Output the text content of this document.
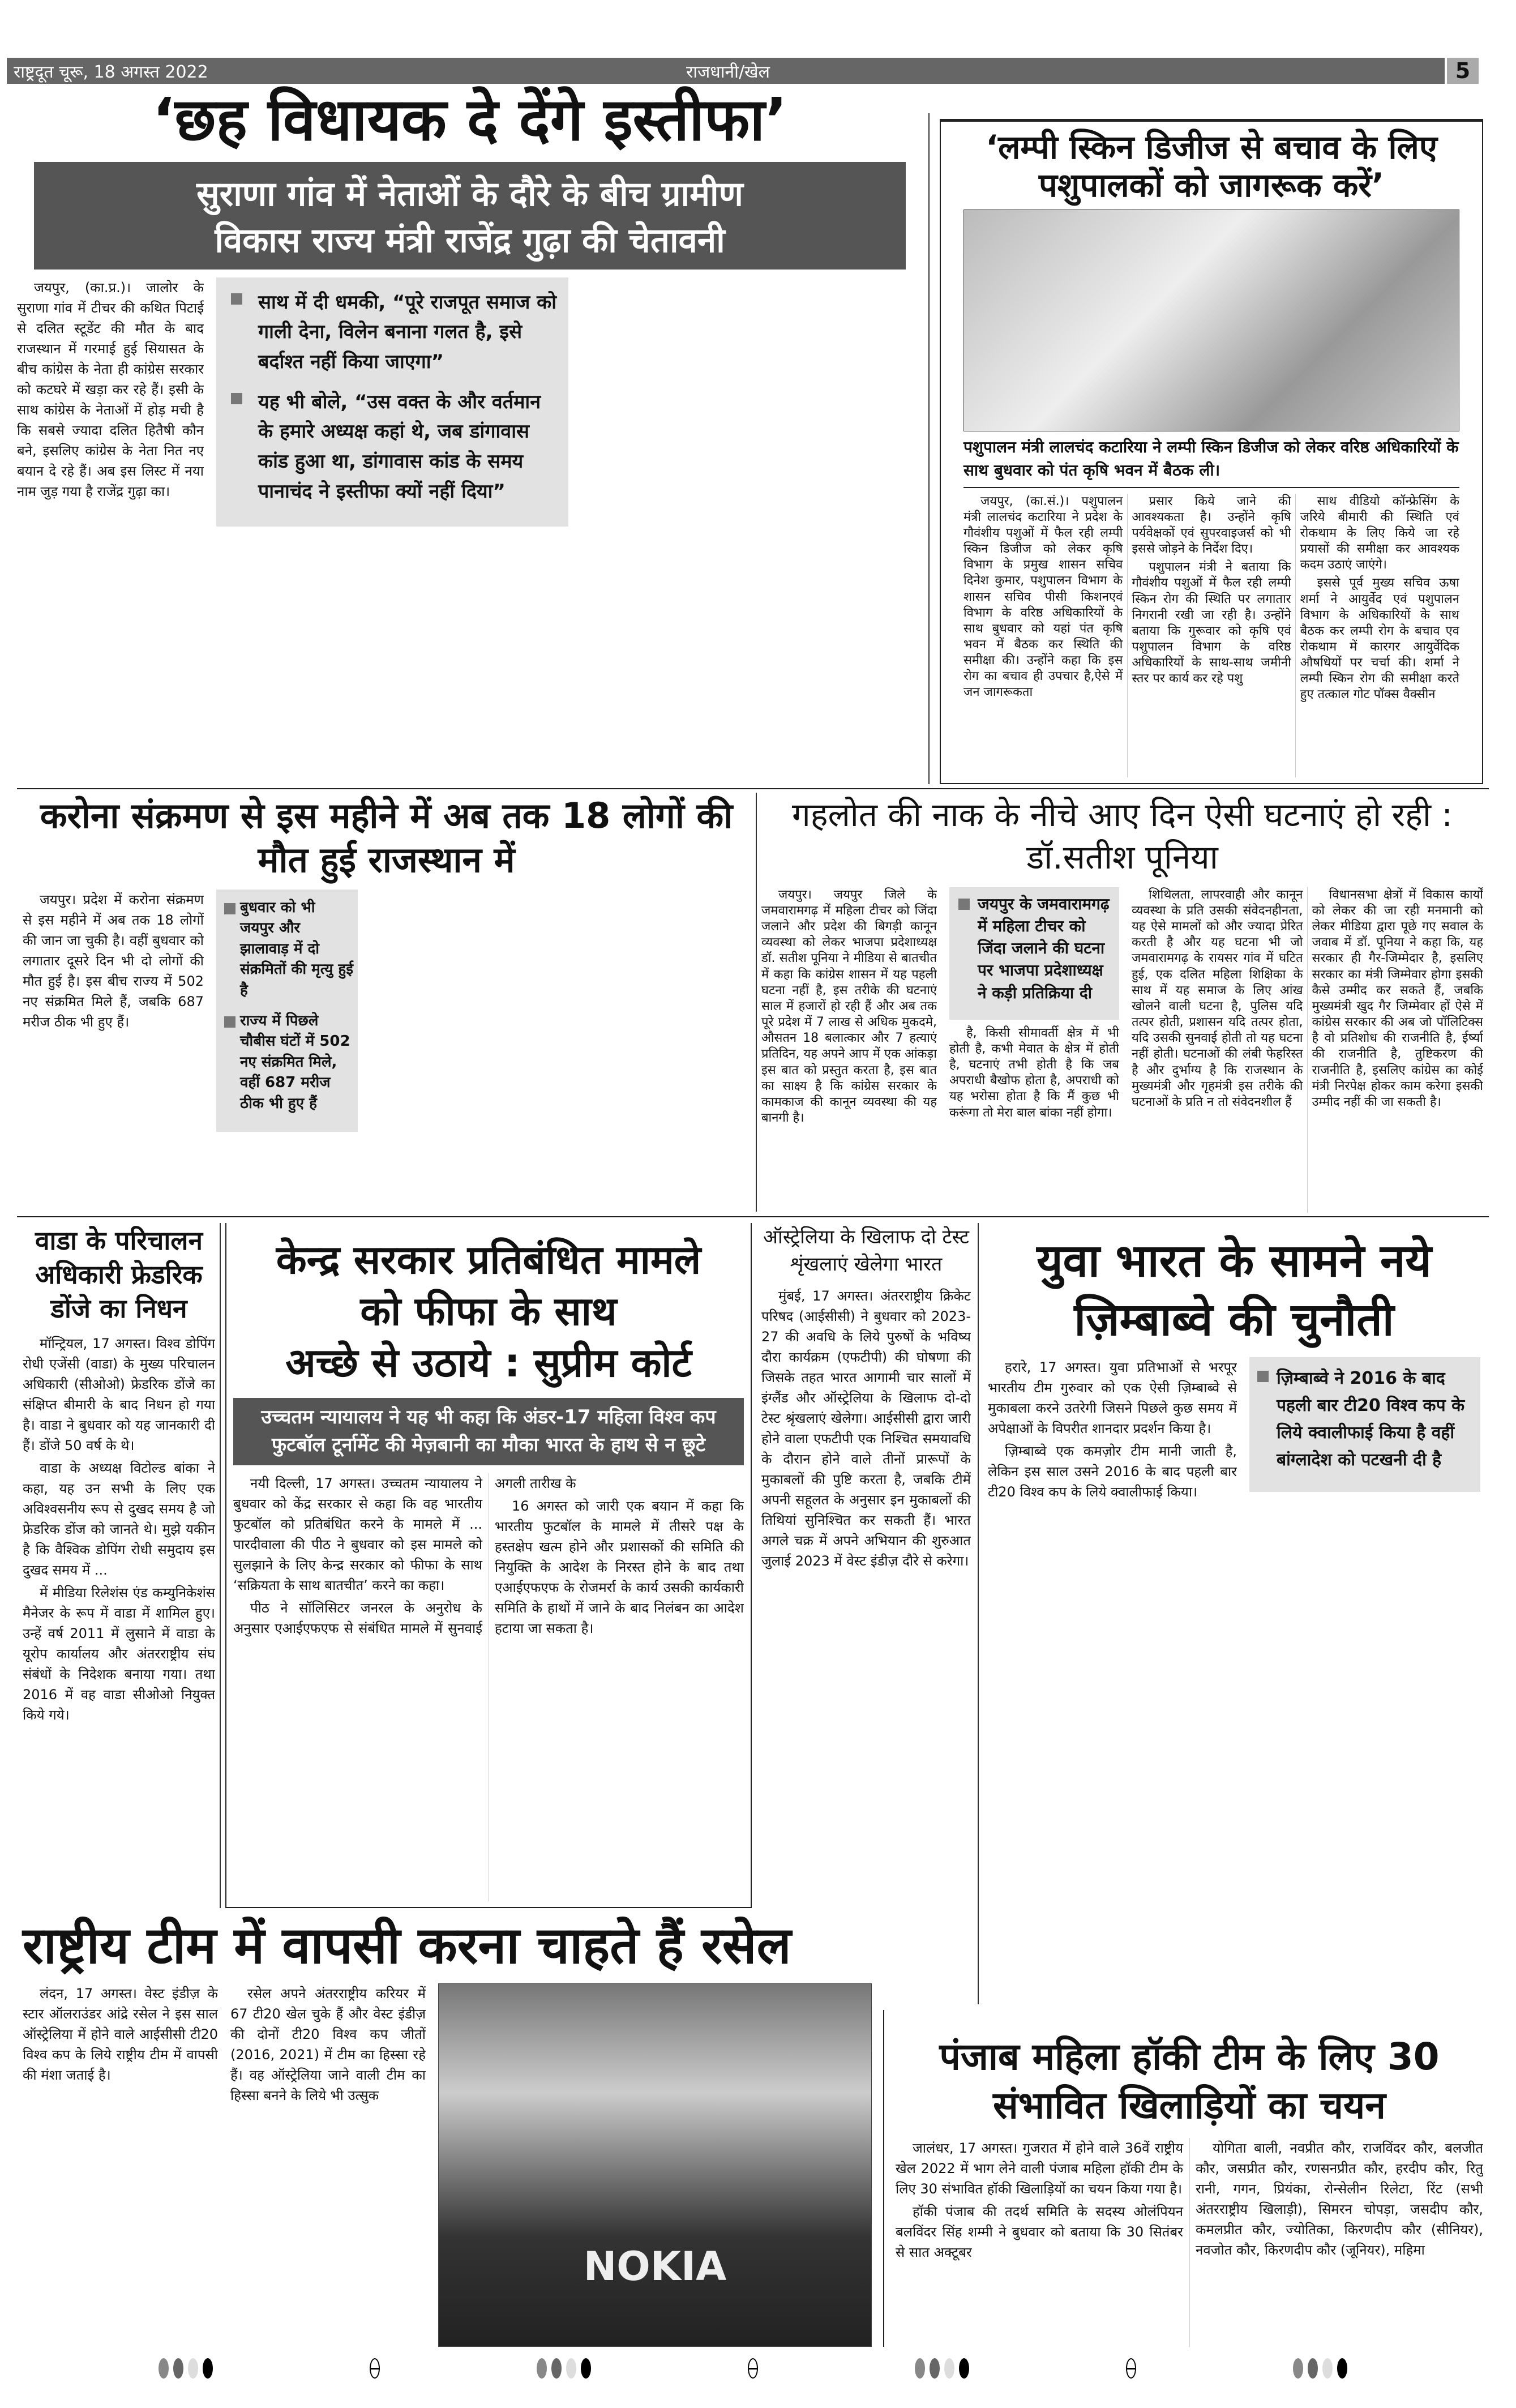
राष्ट्रदूत चूरू, 18 अगस्त 2022	राजधानी/खेल	5
‘छह विधायक दे देंगे इस्तीफा’
सुराणा गांव में नेताओं के दौरे के बीच ग्रामीण
विकास राज्य मंत्री राजेंद्र गुढ़ा की चेतावनी

जयपुर, (का.प्र.)। जालोर के सुराणा गांव में टीचर की कथित पिटाई से दलित स्टूडेंट की मौत के बाद राजस्थान में गरमाई हुई सियासत के बीच कांग्रेस के नेता ही कांग्रेस सरकार को कटघरे में खड़ा कर रहे हैं। इसी के साथ कांग्रेस के नेताओं में होड़ मची है कि सबसे ज्यादा दलित हितैषी कौन बने, इसलिए कांग्रेस के नेता नित नए बयान दे रहे हैं। अब इस लिस्ट में नया नाम जुड़ गया है राजेंद्र गुढ़ा का।

साथ में दी धमकी, “पूरे राजपूत समाज को गाली देना, विलेन बनाना गलत है, इसे बर्दाश्त नहीं किया जाएगा”
यह भी बोले, “उस वक्त के और वर्तमान के हमारे अध्यक्ष कहां थे, जब डांगावास कांड हुआ था, डांगावास कांड के समय पानाचंद ने इस्तीफा क्यों नहीं दिया”
‘लम्पी स्किन डिजीज से बचाव के लिए पशुपालकों को जागरूक करें’
पशुपालन मंत्री लालचंद कटारिया ने लम्पी स्किन डिजीज को लेकर वरिष्ठ अधिकारियों के साथ बुधवार को पंत कृषि भवन में बैठक ली।

जयपुर, (का.सं.)। पशुपालन मंत्री लालचंद कटारिया ने प्रदेश के गौवंशीय पशुओं में फैल रही लम्पी स्किन डिजीज को लेकर कृषि विभाग के प्रमुख शासन सचिव दिनेश कुमार, पशुपालन विभाग के शासन सचिव पीसी किशनएवं विभाग के वरिष्ठ अधिकारियों के साथ बुधवार को यहां पंत कृषि भवन में बैठक कर स्थिति की समीक्षा की। उन्होंने कहा कि इस रोग का बचाव ही उपचार है,ऐसे में जन जागरूकता

प्रसार किये जाने की आवश्यकता है। उन्होंने कृषि पर्यवेक्षकों एवं सुपरवाइजर्स को भी इससे जोड़ने के निर्देश दिए।

पशुपालन मंत्री ने बताया कि गौवंशीय पशुओं में फैल रही लम्पी स्किन रोग की स्थिति पर लगातार निगरानी रखी जा रही है। उन्होंने बताया कि गुरूवार को कृषि एवं पशुपालन विभाग के वरिष्ठ अधिकारियों के साथ-साथ जमीनी स्तर पर कार्य कर रहे पशु

साथ वीडियो कॉन्फ्रेसिंग के जरिये बीमारी की स्थिति एवं रोकथाम के लिए किये जा रहे प्रयासों की समीक्षा कर आवश्यक कदम उठाएं जाएंगे।

इससे पूर्व मुख्य सचिव ऊषा शर्मा ने आयुर्वेद एवं पशुपालन विभाग के अधिकारियों के साथ बैठक कर लम्पी रोग के बचाव एव रोकथाम में कारगर आयुर्वेदिक औषधियों पर चर्चा की। शर्मा ने लम्पी स्किन रोग की समीक्षा करते हुए तत्काल गोट पॉक्स वैक्सीन

करोना संक्रमण से इस महीने में अब तक 18 लोगों की मौत हुई राजस्थान में

जयपुर। प्रदेश में करोना संक्रमण से इस महीने में अब तक 18 लोगों की जान जा चुकी है। वहीं बुधवार को लगातार दूसरे दिन भी दो लोगों की मौत हुई है। इस बीच राज्य में 502 नए संक्रमित मिले हैं, जबकि 687 मरीज ठीक भी हुए हैं।

बुधवार को भी जयपुर और झालावाड़ में दो संक्रमितों की मृत्यु हुई है
राज्य में पिछले चौबीस घंटों में 502 नए संक्रमित मिले, वहीं 687 मरीज ठीक भी हुए हैं
गहलोत की नाक के नीचे आए दिन ऐसी घटनाएं हो रही : डॉ.सतीश पूनिया

जयपुर। जयपुर जिले के जमवारामगढ़ में महिला टीचर को जिंदा जलाने और प्रदेश की बिगड़ी कानून व्यवस्था को लेकर भाजपा प्रदेशाध्यक्ष डॉ. सतीश पूनिया ने मीडिया से बातचीत में कहा कि कांग्रेस शासन में यह पहली घटना नहीं है, इस तरीके की घटनाएं साल में हजारों हो रही हैं और अब तक पूरे प्रदेश में 7 लाख से अधिक मुकदमे, औसतन 18 बलात्कार और 7 हत्याएं प्रतिदिन, यह अपने आप में एक आंकड़ा इस बात को प्रस्तुत करता है, इस बात का साक्ष्य है कि कांग्रेस सरकार के कामकाज की कानून व्यवस्था की यह बानगी है।

जयपुर के जमवारामगढ़ में महिला टीचर को जिंदा जलाने की घटना पर भाजपा प्रदेशाध्यक्ष ने कड़ी प्रतिक्रिया दी

है, किसी सीमावर्ती क्षेत्र में भी होती है, कभी मेवात के क्षेत्र में होती है, घटनाएं तभी होती है कि जब अपराधी बैखोफ होता है, अपराधी को यह भरोसा होता है कि मैं कुछ भी करूंगा तो मेरा बाल बांका नहीं होगा।

शिथिलता, लापरवाही और कानून व्यवस्था के प्रति उसकी संवेदनहीनता, यह ऐसे मामलों को और ज्यादा प्रेरित करती है और यह घटना भी जो जमवारामगढ़ के रायसर गांव में घटित हुई, एक दलित महिला शिक्षिका के साथ में यह समाज के लिए आंख खोलने वाली घटना है, पुलिस यदि तत्पर होती, प्रशासन यदि तत्पर होता, यदि उसकी सुनवाई होती तो यह घटना नहीं होती। घटनाओं की लंबी फेहरिस्त है और दुर्भाग्य है कि राजस्थान के मुख्यमंत्री और गृहमंत्री इस तरीके की घटनाओं के प्रति न तो संवेदनशील हैं

विधानसभा क्षेत्रों में विकास कार्यों को लेकर की जा रही मनमानी को लेकर मीडिया द्वारा पूछे गए सवाल के जवाब में डॉ. पूनिया ने कहा कि, यह सरकार ही गैर-जिम्मेदार है, इसलिए सरकार का मंत्री जिम्मेवार होगा इसकी कैसे उम्मीद कर सकते हैं, जबकि मुख्यमंत्री खुद गैर जिम्मेवार हों ऐसे में कांग्रेस सरकार की अब जो पॉलिटिक्स है वो प्रतिशोध की राजनीति है, ईर्ष्या की राजनीति है, तुष्टिकरण की राजनीति है, इसलिए कांग्रेस का कोई मंत्री निरपेक्ष होकर काम करेगा इसकी उम्मीद नहीं की जा सकती है।

वाडा के परिचालन अधिकारी फ्रेडरिक डोंजे का निधन

मॉन्ट्रियल, 17 अगस्त। विश्व डोपिंग रोधी एजेंसी (वाडा) के मुख्य परिचालन अधिकारी (सीओओ) फ्रेडरिक डोंजे का संक्षिप्त बीमारी के बाद निधन हो गया है। वाडा ने बुधवार को यह जानकारी दी हैं। डोंजे 50 वर्ष के थे।

वाडा के अध्यक्ष विटोल्ड बांका ने कहा, यह उन सभी के लिए एक अविश्वसनीय रूप से दुखद समय है जो फ्रेडरिक डोंज को जानते थे। मुझे यकीन है कि वैश्विक डोपिंग रोधी समुदाय इस दुखद समय में ...

में मीडिया रिलेशंस एंड कम्युनिकेशंस मैनेजर के रूप में वाडा में शामिल हुए। उन्हें वर्ष 2011 में लुसाने में वाडा के यूरोप कार्यालय और अंतरराष्ट्रीय संघ संबंधों के निदेशक बनाया गया। तथा 2016 में वह वाडा सीओओ नियुक्त किये गये।

केन्द्र सरकार प्रतिबंधित मामले
को फीफा के साथ
अच्छे से उठाये : सुप्रीम कोर्ट
उच्चतम न्यायालय ने यह भी कहा कि अंडर-17 महिला विश्व कप फुटबॉल टूर्नामेंट की मेज़बानी का मौका भारत के हाथ से न छूटे

नयी दिल्ली, 17 अगस्त। उच्चतम न्यायालय ने बुधवार को केंद्र सरकार से कहा कि वह भारतीय फुटबॉल को प्रतिबंधित करने के मामले में ... पारदीवाला की पीठ ने बुधवार को इस मामले को सुलझाने के लिए केन्द्र सरकार को फीफा के साथ ‘सक्रियता के साथ बातचीत’ करने का कहा।

पीठ ने सॉलिसिटर जनरल के अनुरोध के अनुसार एआईएफएफ से संबंधित मामले में सुनवाई अगली तारीख के

16 अगस्त को जारी एक बयान में कहा कि भारतीय फुटबॉल के मामले में तीसरे पक्ष के हस्तक्षेप खत्म होने और प्रशासकों की समिति की नियुक्ति के आदेश के निरस्त होने के बाद तथा एआईएफएफ के रोजमर्रा के कार्य उसकी कार्यकारी समिति के हाथों में जाने के बाद निलंबन का आदेश हटाया जा सकता है।

ऑस्ट्रेलिया के खिलाफ दो टेस्ट शृंखलाएं खेलेगा भारत

मुंबई, 17 अगस्त। अंतरराष्ट्रीय क्रिकेट परिषद (आईसीसी) ने बुधवार को 2023-27 की अवधि के लिये पुरुषों के भविष्य दौरा कार्यक्रम (एफटीपी) की घोषणा की जिसके तहत भारत आगामी चार सालों में इंग्लैंड और ऑस्ट्रेलिया के खिलाफ दो-दो टेस्ट श्रृंखलाएं खेलेगा। आईसीसी द्वारा जारी होने वाला एफटीपी एक निश्चित समयावधि के दौरान होने वाले तीनों प्रारूपों के मुकाबलों की पुष्टि करता है, जबकि टीमें अपनी सहूलत के अनुसार इन मुकाबलों की तिथियां सुनिश्चित कर सकती हैं। भारत अगले चक्र में अपने अभियान की शुरुआत जुलाई 2023 में वेस्ट इंडीज़ दौरे से करेगा।

युवा भारत के सामने नये ज़िम्बाब्वे की चुनौती

हरारे, 17 अगस्त। युवा प्रतिभाओं से भरपूर भारतीय टीम गुरुवार को एक ऐसी ज़िम्बाब्वे से मुकाबला करने उतरेगी जिसने पिछले कुछ समय में अपेक्षाओं के विपरीत शानदार प्रदर्शन किया है।

ज़िम्बाब्वे एक कमज़ोर टीम मानी जाती है, लेकिन इस साल उसने 2016 के बाद पहली बार टी20 विश्व कप के लिये क्वालीफाई किया।

ज़िम्बाब्वे ने 2016 के बाद पहली बार टी20 विश्व कप के लिये क्वालीफाई किया है वहीं बांग्लादेश को पटखनी दी है
राष्ट्रीय टीम में वापसी करना चाहते हैं रसेल

लंदन, 17 अगस्त। वेस्ट इंडीज़ के स्टार ऑलराउंडर आंद्रे रसेल ने इस साल ऑस्ट्रेलिया में होने वाले आईसीसी टी20 विश्व कप के लिये राष्ट्रीय टीम में वापसी की मंशा जताई है।

रसेल अपने अंतरराष्ट्रीय करियर में 67 टी20 खेल चुके हैं और वेस्ट इंडीज़ की दोनों टी20 विश्व कप जीतों (2016, 2021) में टीम का हिस्सा रहे हैं। वह ऑस्ट्रेलिया जाने वाली टीम का हिस्सा बनने के लिये भी उत्सुक

NOKIA
पंजाब महिला हॉकी टीम के लिए 30 संभावित खिलाड़ियों का चयन

जालंधर, 17 अगस्त। गुजरात में होने वाले 36वें राष्ट्रीय खेल 2022 में भाग लेने वाली पंजाब महिला हॉकी टीम के लिए 30 संभावित हॉकी खिलाड़ियों का चयन किया गया है।

हॉकी पंजाब की तदर्थ समिति के सदस्य ओलंपियन बलविंदर सिंह शम्मी ने बुधवार को बताया कि 30 सितंबर से सात अक्टूबर

योगिता बाली, नवप्रीत कौर, राजविंदर कौर, बलजीत कौर, जसप्रीत कौर, रणसनप्रीत कौर, हरदीप कौर, रितु रानी, गगन, प्रियंका, रोन्सेलीन रिलेटा, रिंट (सभी अंतरराष्ट्रीय खिलाड़ी), सिमरन चोपड़ा, जसदीप कौर, कमलप्रीत कौर, ज्योतिका, किरणदीप कौर (सीनियर), नवजोत कौर, किरणदीप कौर (जूनियर), महिमा
